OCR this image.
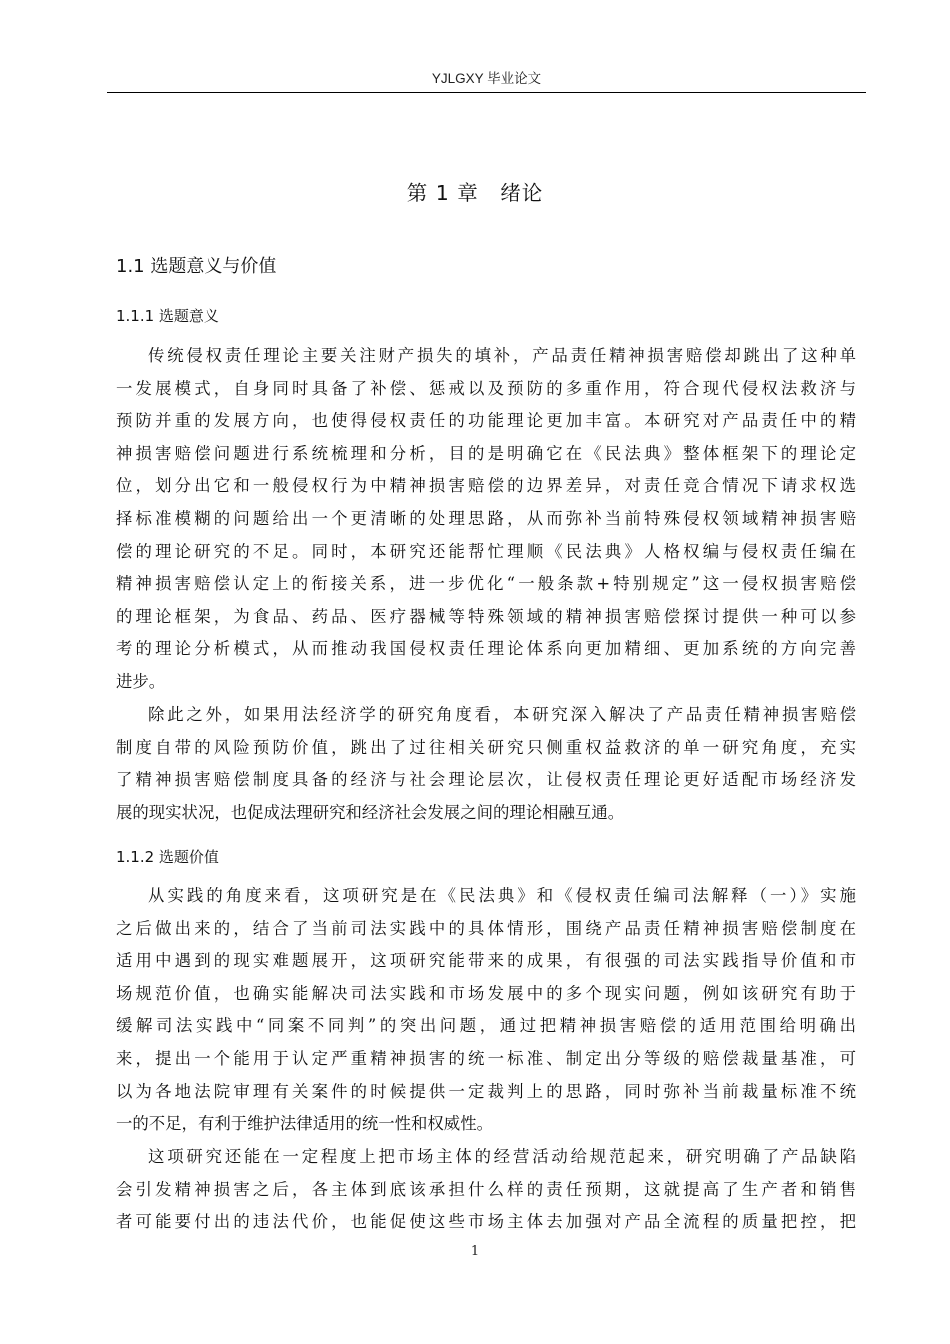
YJLGXY 毕业论文
第 1 章　绪论
1.1 选题意义与价值
1.1.1 选题意义
传统侵权责任理论主要关注财产损失的填补，产品责任精神损害赔偿却跳出了这种单
一发展模式，自身同时具备了补偿、惩戒以及预防的多重作用，符合现代侵权法救济与
预防并重的发展方向，也使得侵权责任的功能理论更加丰富。本研究对产品责任中的精
神损害赔偿问题进行系统梳理和分析，目的是明确它在《民法典》整体框架下的理论定
位，划分出它和一般侵权行为中精神损害赔偿的边界差异，对责任竞合情况下请求权选
择标准模糊的问题给出一个更清晰的处理思路，从而弥补当前特殊侵权领域精神损害赔
偿的理论研究的不足。同时，本研究还能帮忙理顺《民法典》人格权编与侵权责任编在
精神损害赔偿认定上的衔接关系，进一步优化“一般条款+特别规定”这一侵权损害赔偿
的理论框架，为食品、药品、医疗器械等特殊领域的精神损害赔偿探讨提供一种可以参
考的理论分析模式，从而推动我国侵权责任理论体系向更加精细、更加系统的方向完善
进步。
除此之外，如果用法经济学的研究角度看，本研究深入解决了产品责任精神损害赔偿
制度自带的风险预防价值，跳出了过往相关研究只侧重权益救济的单一研究角度，充实
了精神损害赔偿制度具备的经济与社会理论层次，让侵权责任理论更好适配市场经济发
展的现实状况，也促成法理研究和经济社会发展之间的理论相融互通。
1.1.2 选题价值
从实践的角度来看，这项研究是在《民法典》和《侵权责任编司法解释（一）》实施
之后做出来的，结合了当前司法实践中的具体情形，围绕产品责任精神损害赔偿制度在
适用中遇到的现实难题展开，这项研究能带来的成果，有很强的司法实践指导价值和市
场规范价值，也确实能解决司法实践和市场发展中的多个现实问题，例如该研究有助于
缓解司法实践中“同案不同判”的突出问题，通过把精神损害赔偿的适用范围给明确出
来，提出一个能用于认定严重精神损害的统一标准、制定出分等级的赔偿裁量基准，可
以为各地法院审理有关案件的时候提供一定裁判上的思路，同时弥补当前裁量标准不统
一的不足，有利于维护法律适用的统一性和权威性。
这项研究还能在一定程度上把市场主体的经营活动给规范起来，研究明确了产品缺陷
会引发精神损害之后，各主体到底该承担什么样的责任预期，这就提高了生产者和销售
者可能要付出的违法代价，也能促使这些市场主体去加强对产品全流程的质量把控，把
1
